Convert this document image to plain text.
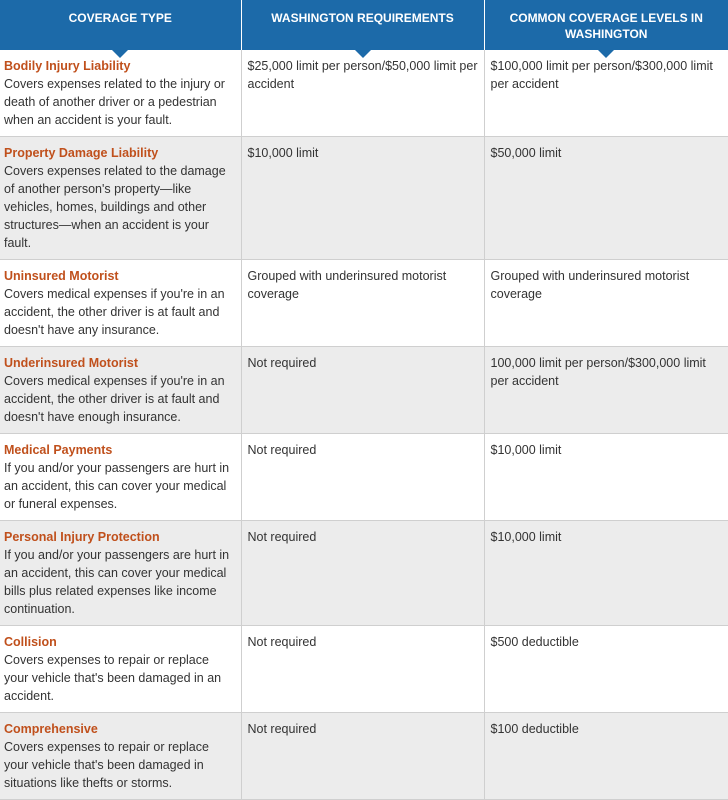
COVERAGE TYPE	WASHINGTON REQUIREMENTS	COMMON COVERAGE LEVELS IN WASHINGTON

Bodily Injury Liability
Covers expenses related to the injury or death of another driver or a pedestrian when an accident is your fault.	$25,000 limit per person/$50,000 limit per accident	$100,000 limit per person/$300,000 limit per accident

Property Damage Liability
Covers expenses related to the damage of another person's property—like vehicles, homes, buildings and other structures—when an accident is your fault.	$10,000 limit	$50,000 limit

Uninsured Motorist
Covers medical expenses if you're in an accident, the other driver is at fault and doesn't have any insurance.	Grouped with underinsured motorist coverage	Grouped with underinsured motorist coverage

Underinsured Motorist
Covers medical expenses if you're in an accident, the other driver is at fault and doesn't have enough insurance.	Not required	100,000 limit per person/$300,000 limit per accident

Medical Payments
If you and/or your passengers are hurt in an accident, this can cover your medical or funeral expenses.	Not required	$10,000 limit

Personal Injury Protection
If you and/or your passengers are hurt in an accident, this can cover your medical bills plus related expenses like income continuation.	Not required	$10,000 limit

Collision
Covers expenses to repair or replace your vehicle that's been damaged in an accident.	Not required	$500 deductible

Comprehensive
Covers expenses to repair or replace your vehicle that's been damaged in situations like thefts or storms.	Not required	$100 deductible
